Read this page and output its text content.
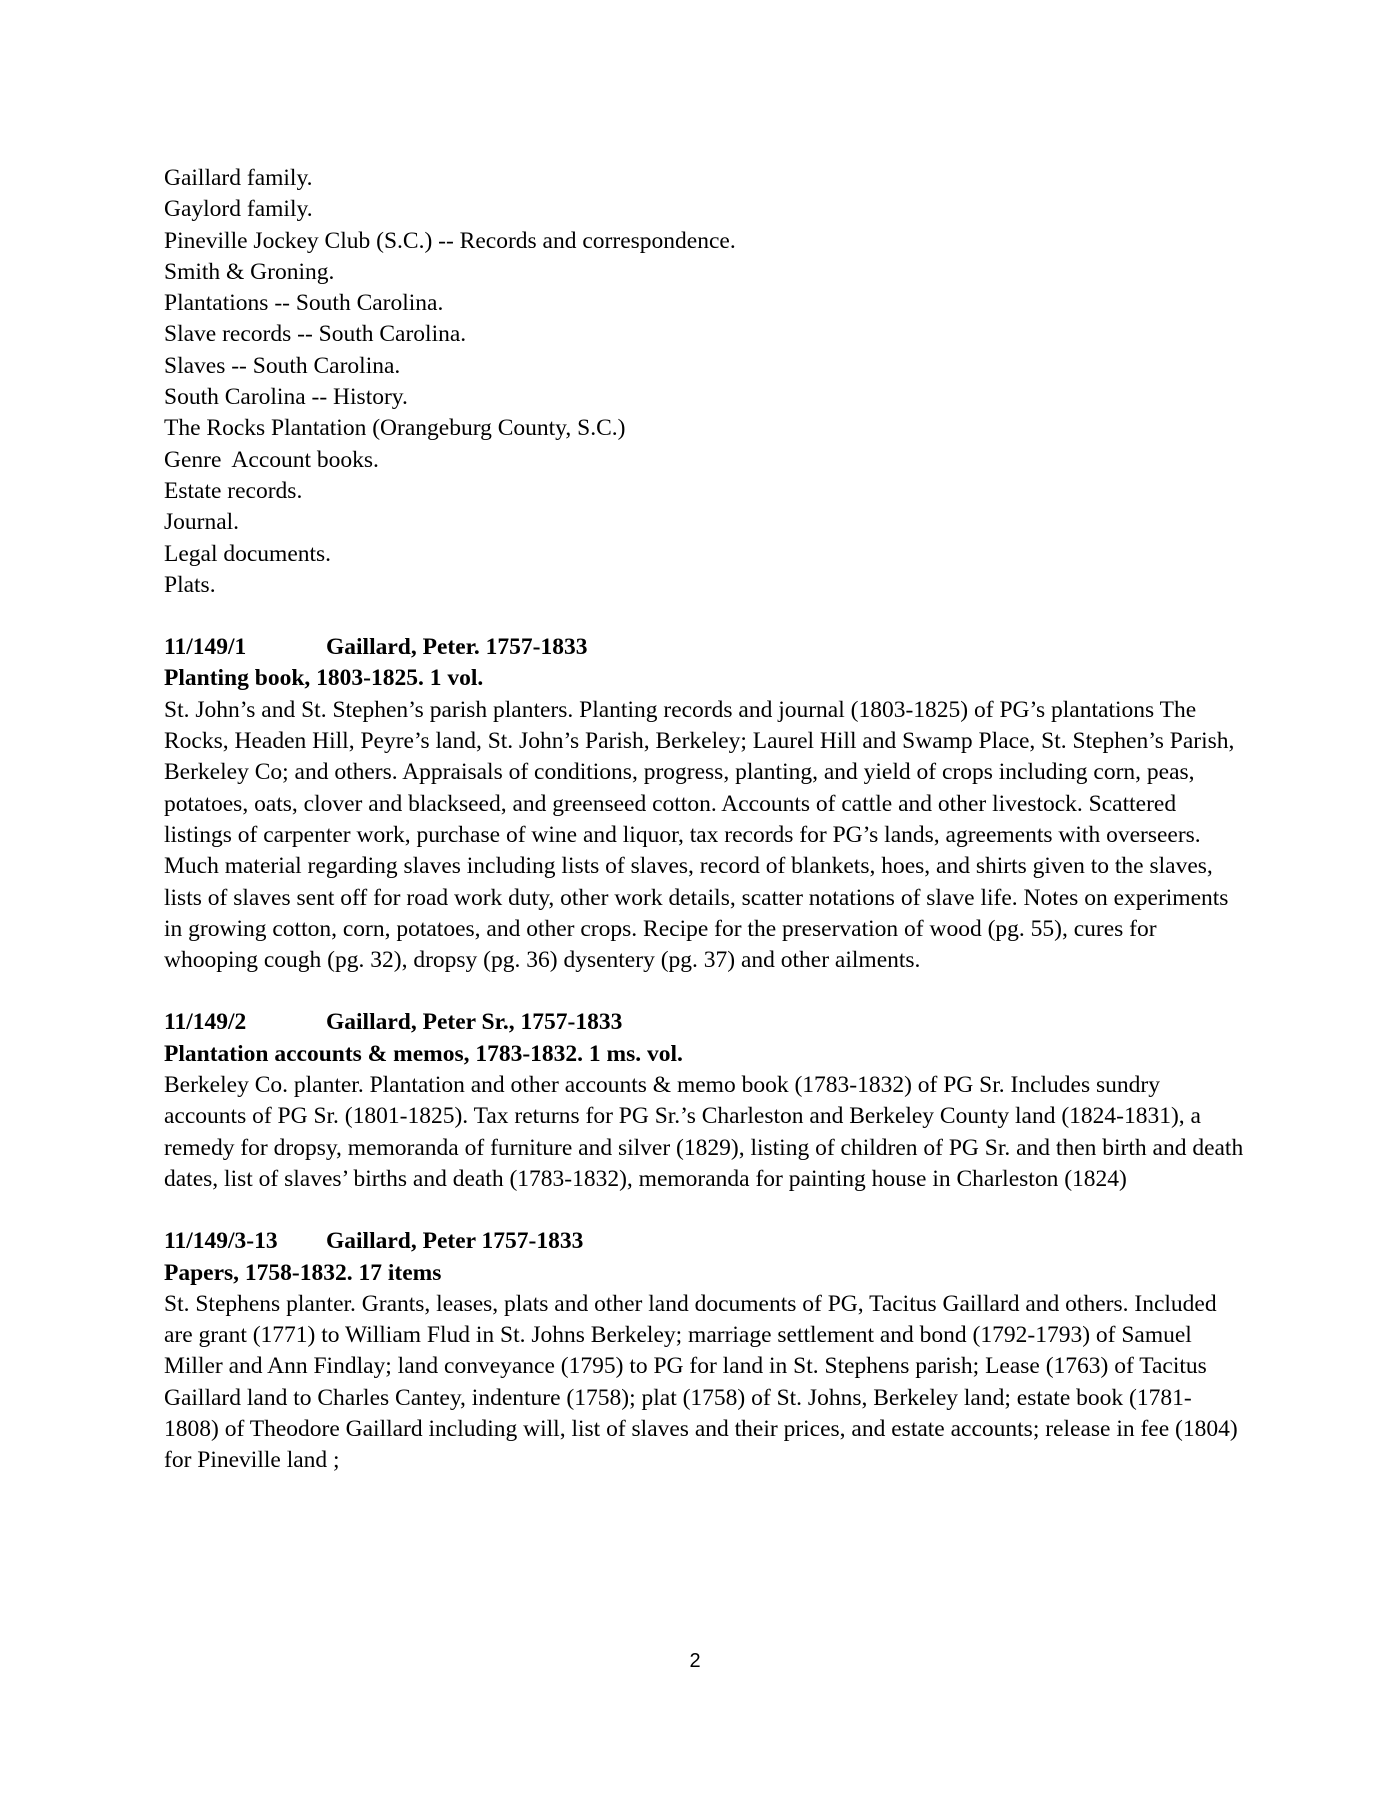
Gaillard family.
Gaylord family.
Pineville Jockey Club (S.C.) -- Records and correspondence.
Smith & Groning.
Plantations -- South Carolina.
Slave records -- South Carolina.
Slaves -- South Carolina.
South Carolina -- History.
The Rocks Plantation (Orangeburg County, S.C.)
Genre Account books.
Estate records.
Journal.
Legal documents.
Plats.
11/149/1	Gaillard, Peter. 1757-1833
Planting book, 1803-1825. 1 vol.
St. John’s and St. Stephen’s parish planters. Planting records and journal (1803-1825) of PG’s plantations The Rocks, Headen Hill, Peyre’s land, St. John’s Parish, Berkeley; Laurel Hill and Swamp Place, St. Stephen’s Parish, Berkeley Co; and others. Appraisals of conditions, progress, planting, and yield of crops including corn, peas, potatoes, oats, clover and blackseed, and greenseed cotton. Accounts of cattle and other livestock. Scattered listings of carpenter work, purchase of wine and liquor, tax records for PG’s lands, agreements with overseers. Much material regarding slaves including lists of slaves, record of blankets, hoes, and shirts given to the slaves, lists of slaves sent off for road work duty, other work details, scatter notations of slave life. Notes on experiments in growing cotton, corn, potatoes, and other crops. Recipe for the preservation of wood (pg. 55), cures for whooping cough (pg. 32), dropsy (pg. 36) dysentery (pg. 37) and other ailments.
11/149/2	Gaillard, Peter Sr., 1757-1833
Plantation accounts & memos, 1783-1832. 1 ms. vol.
Berkeley Co. planter. Plantation and other accounts & memo book (1783-1832) of PG Sr. Includes sundry accounts of PG Sr. (1801-1825). Tax returns for PG Sr.’s Charleston and Berkeley County land (1824-1831), a remedy for dropsy, memoranda of furniture and silver (1829), listing of children of PG Sr. and then birth and death dates, list of slaves’ births and death (1783-1832), memoranda for painting house in Charleston (1824)
11/149/3-13 Gaillard, Peter 1757-1833
Papers, 1758-1832. 17 items
St. Stephens planter. Grants, leases, plats and other land documents of PG, Tacitus Gaillard and others. Included are grant (1771) to William Flud in St. Johns Berkeley; marriage settlement and bond (1792-1793) of Samuel Miller and Ann Findlay; land conveyance (1795) to PG for land in St. Stephens parish; Lease (1763) of Tacitus Gaillard land to Charles Cantey, indenture (1758); plat (1758) of St. Johns, Berkeley land; estate book (1781-1808) of Theodore Gaillard including will, list of slaves and their prices, and estate accounts; release in fee (1804) for Pineville land ;
2
